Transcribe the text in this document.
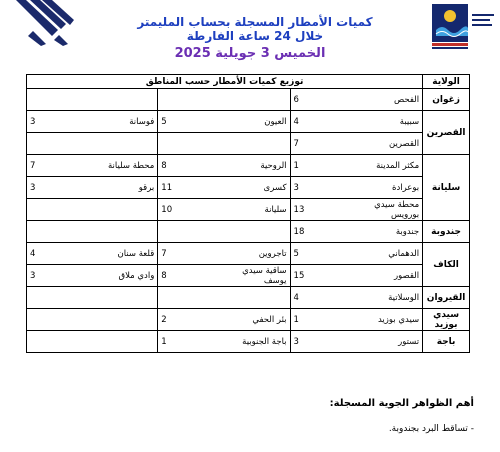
كميات الأمطار المسجلة بحساب المليمتر
خلال 24 ساعة الفارطة
الخميس 3 جويلية 2025
الولاية	توزيع كميات الأمطار حسب المناطق					
زغوان	الفحص	6				
القصرين	سبيبة	4	العيون	5	فوسانة	3
	القصرين	7				
سليانة	مكثر المدينة	1	الروحية	8	محطة سليانة	7
	بوعرادة	3	كسرى	11	برقو	3
	محطة سيدي بورويس	13	سليانة	10		
جندوبة	جندوبة	18				
الكاف	الدهماني	5	تاجروين	7	قلعة سنان	4
	القصور	15	ساقية سيدي يوسف	8	وادي ملاق	3
القيروان	الوسلاتية	4				
سيدي بوزيد	سيدي بوزيد	1	بئر الحفي	2		
باجة	تستور	3	باجة الجنوبية	1		
أهم الظواهر الجوية المسجلة:
- تساقط البرد بجندوبة.
